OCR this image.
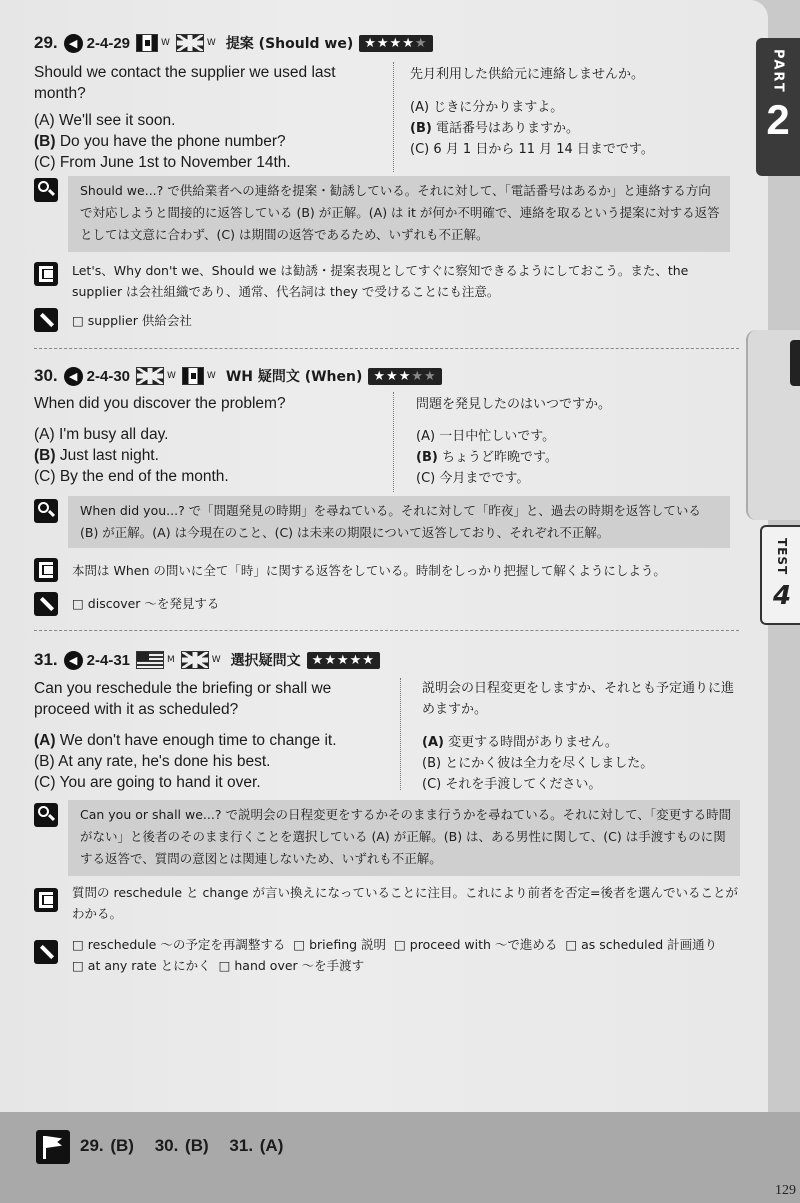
PART
2
TEST
4
29.	◀ 2-4-29	W	W 提案 (Should we) ★★★★★
Should we contact the supplier we used last month?
(A) We'll see it soon.
(B) Do you have the phone number?
(C) From June 1st to November 14th.
先月利用した供給元に連絡しませんか。
(A) じきに分かりますよ。
(B) 電話番号はありますか。
(C) 6 月 1 日から 11 月 14 日までです。
Should we...? で供給業者への連絡を提案・勧誘している。それに対して、「電話番号はあるか」と連絡する方向で対応しようと間接的に返答している (B) が正解。(A) は it が何か不明確で、連絡を取るという提案に対する返答としては文意に合わず、(C) は期間の返答であるため、いずれも不正解。
Let's、Why don't we、Should we は勧誘・提案表現としてすぐに察知できるようにしておこう。また、the supplier は会社組織であり、通常、代名詞は they で受けることにも注意。
□ supplier 供給会社
30.	◀ 2-4-30	W	W WH 疑問文 (When) ★★★★★
When did you discover the problem?
(A) I'm busy all day.
(B) Just last night.
(C) By the end of the month.
問題を発見したのはいつですか。
(A) 一日中忙しいです。
(B) ちょうど昨晩です。
(C) 今月までです。
When did you...? で「問題発見の時期」を尋ねている。それに対して「昨夜」と、過去の時期を返答している (B) が正解。(A) は今現在のこと、(C) は未来の期限について返答しており、それぞれ不正解。
本問は When の問いに全て「時」に関する返答をしている。時制をしっかり把握して解くようにしよう。
□ discover ～を発見する
31.	◀ 2-4-31	M	W 選択疑問文 ★★★★★
Can you reschedule the briefing or shall we proceed with it as scheduled?
(A) We don't have enough time to change it.
(B) At any rate, he's done his best.
(C) You are going to hand it over.
説明会の日程変更をしますか、それとも予定通りに進めますか。
(A) 変更する時間がありません。
(B) とにかく彼は全力を尽くしました。
(C) それを手渡してください。
Can you or shall we...? で説明会の日程変更をするかそのまま行うかを尋ねている。それに対して、「変更する時間がない」と後者のそのまま行くことを選択している (A) が正解。(B) は、ある男性に関して、(C) は手渡すものに関する返答で、質問の意図とは関連しないため、いずれも不正解。
質問の reschedule と change が言い換えになっていることに注目。これにより前者を否定=後者を選んでいることがわかる。
□ reschedule ～の予定を再調整する □ briefing 説明 □ proceed with ～で進める □ as scheduled 計画通り
□ at any rate とにかく □ hand over ～を手渡す
29. (B) 30. (B) 31. (A)
129
